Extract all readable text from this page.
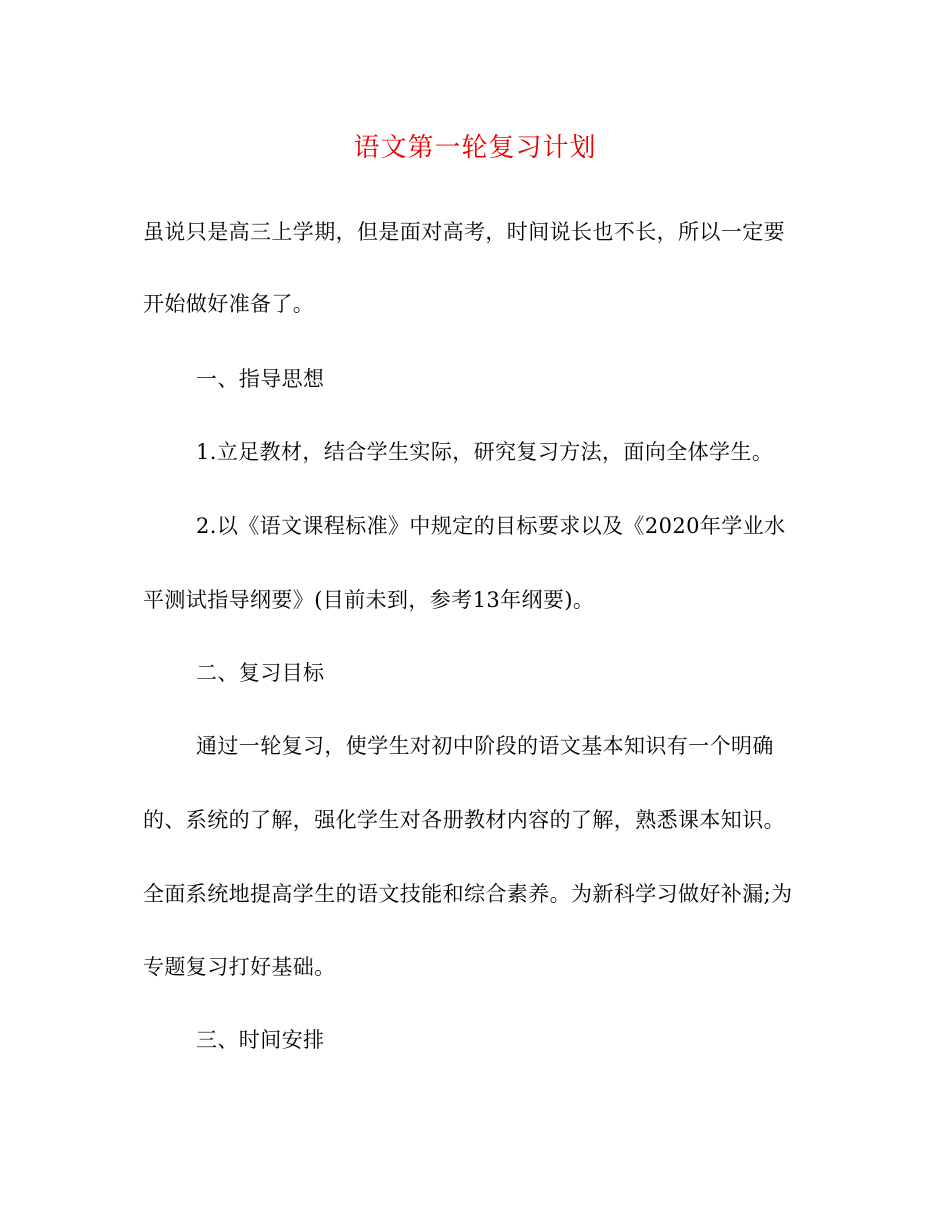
语文第一轮复习计划
虽说只是高三上学期，但是面对高考，时间说长也不长，所以一定要
开始做好准备了。
一、指导思想
1.立足教材，结合学生实际，研究复习方法，面向全体学生。
2.以《语文课程标准》中规定的目标要求以及《2020年学业水
平测试指导纲要》(目前未到，参考13年纲要)。
二、复习目标
通过一轮复习，使学生对初中阶段的语文基本知识有一个明确
的、系统的了解，强化学生对各册教材内容的了解，熟悉课本知识。
全面系统地提高学生的语文技能和综合素养。为新科学习做好补漏;为
专题复习打好基础。
三、时间安排
